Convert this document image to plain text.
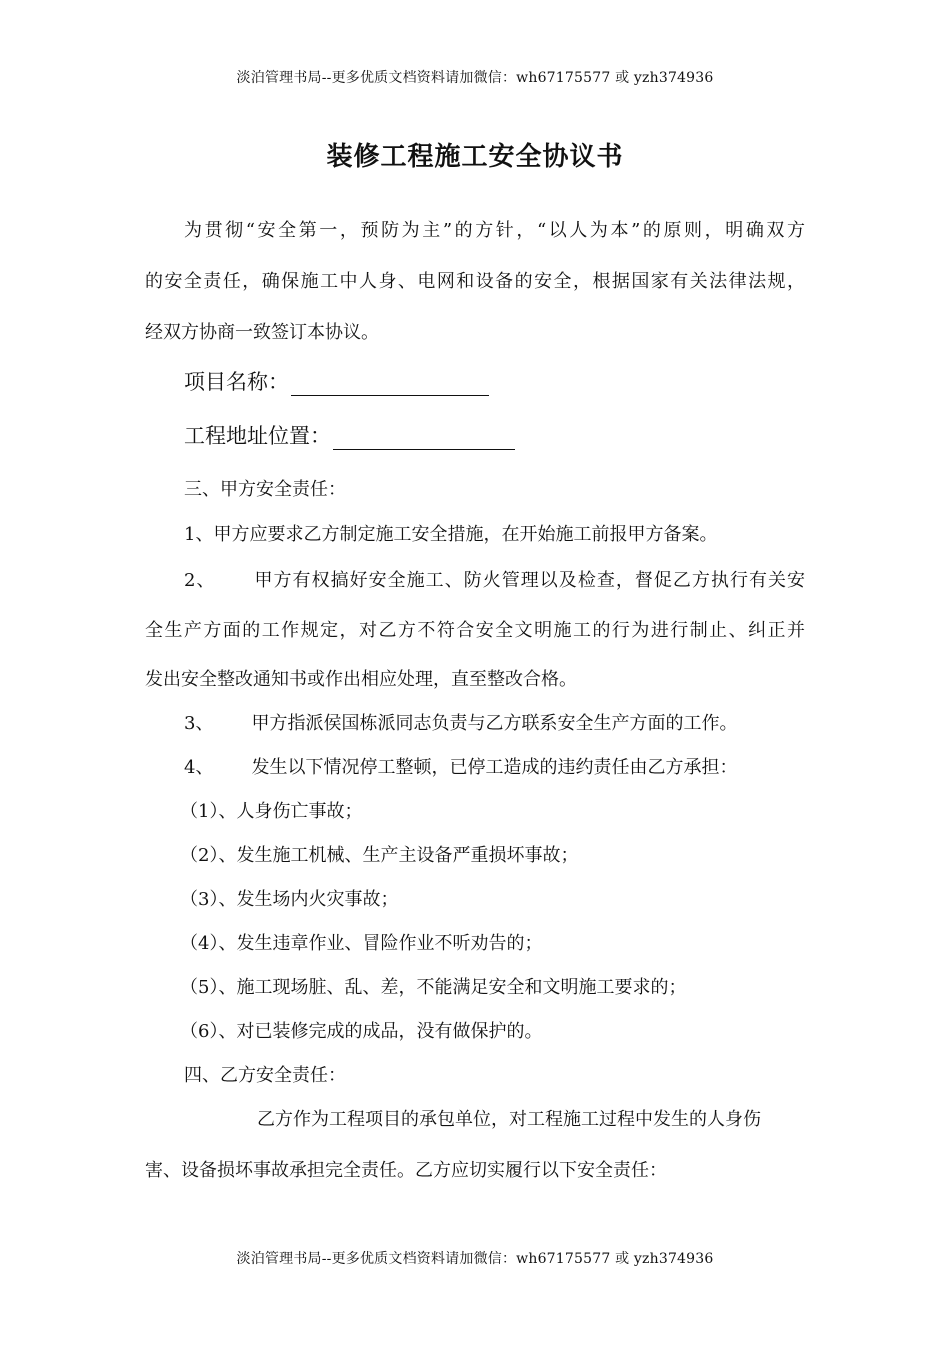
淡泊管理书局--更多优质文档资料请加微信：wh67175577 或 yzh374936
装修工程施工安全协议书
为贯彻“安全第一，预防为主”的方针，“以人为本”的原则，明确双方
的安全责任，确保施工中人身、电网和设备的安全，根据国家有关法律法规，
经双方协商一致签订本协议。
项目名称：
工程地址位置：
三、甲方安全责任：
1、甲方应要求乙方制定施工安全措施，在开始施工前报甲方备案。
2、 甲方有权搞好安全施工、防火管理以及检查，督促乙方执行有关安
全生产方面的工作规定，对乙方不符合安全文明施工的行为进行制止、纠正并
发出安全整改通知书或作出相应处理，直至整改合格。
3、 甲方指派侯国栋派同志负责与乙方联系安全生产方面的工作。
4、 发生以下情况停工整顿，已停工造成的违约责任由乙方承担：
（1）、人身伤亡事故；
（2）、发生施工机械、生产主设备严重损坏事故；
（3）、发生场内火灾事故；
（4）、发生违章作业、冒险作业不听劝告的；
（5）、施工现场脏、乱、差，不能满足安全和文明施工要求的；
（6）、对已装修完成的成品，没有做保护的。
四、乙方安全责任：
乙方作为工程项目的承包单位，对工程施工过程中发生的人身伤
害、设备损坏事故承担完全责任。乙方应切实履行以下安全责任：
淡泊管理书局--更多优质文档资料请加微信：wh67175577 或 yzh374936
